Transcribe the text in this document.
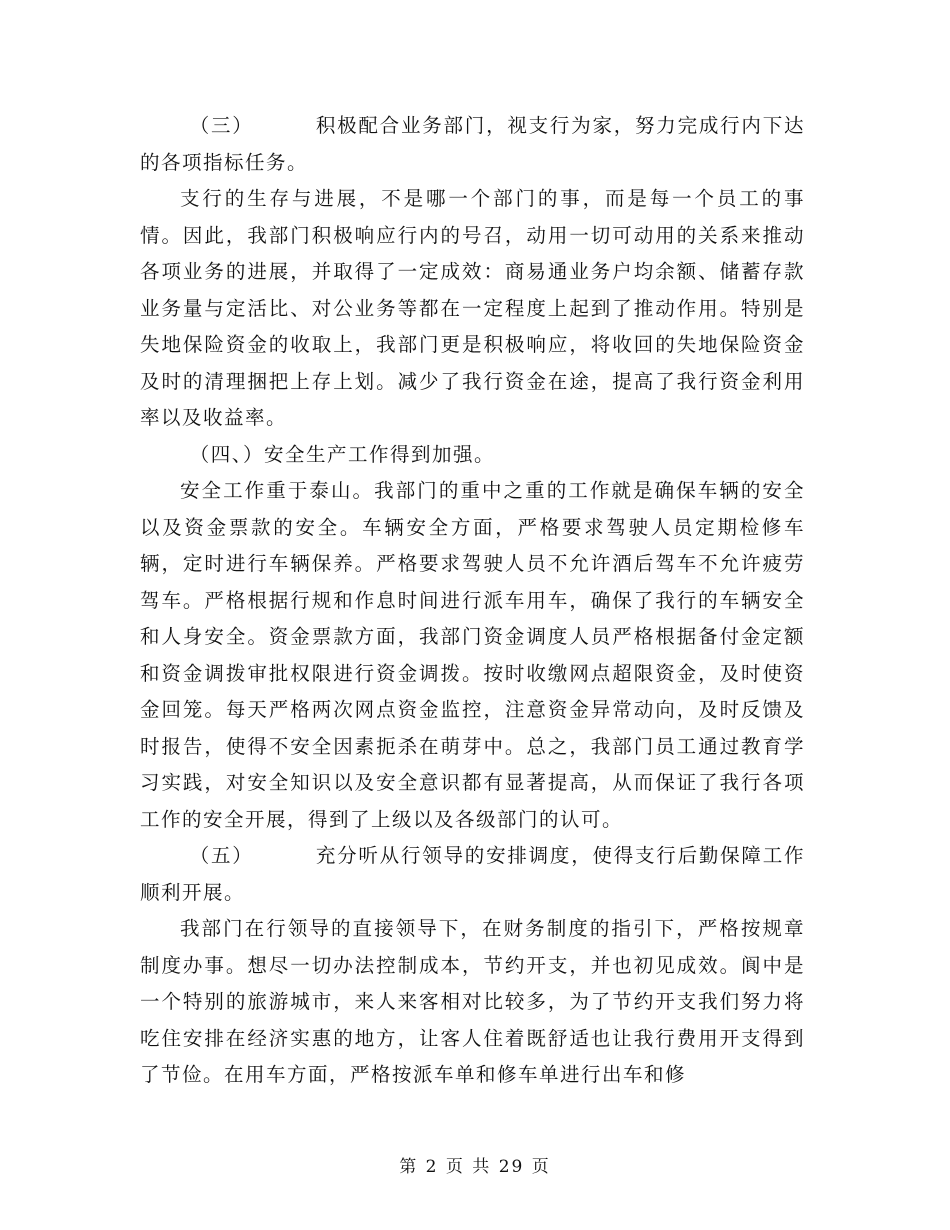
（三）	积极配合业务部门，视支行为家，努力完成行内下达的各项指标任务。

支行的生存与进展，不是哪一个部门的事，而是每一个员工的事情。因此，我部门积极响应行内的号召，动用一切可动用的关系来推动各项业务的进展，并取得了一定成效：商易通业务户均余额、储蓄存款业务量与定活比、对公业务等都在一定程度上起到了推动作用。特别是失地保险资金的收取上，我部门更是积极响应，将收回的失地保险资金及时的清理捆把上存上划。减少了我行资金在途，提高了我行资金利用率以及收益率。

（四、）安全生产工作得到加强。

安全工作重于泰山。我部门的重中之重的工作就是确保车辆的安全以及资金票款的安全。车辆安全方面，严格要求驾驶人员定期检修车辆，定时进行车辆保养。严格要求驾驶人员不允许酒后驾车不允许疲劳驾车。严格根据行规和作息时间进行派车用车，确保了我行的车辆安全和人身安全。资金票款方面，我部门资金调度人员严格根据备付金定额和资金调拨审批权限进行资金调拨。按时收缴网点超限资金，及时使资金回笼。每天严格两次网点资金监控，注意资金异常动向，及时反馈及时报告，使得不安全因素扼杀在萌芽中。总之，我部门员工通过教育学习实践，对安全知识以及安全意识都有显著提高，从而保证了我行各项工作的安全开展，得到了上级以及各级部门的认可。

（五）	充分听从行领导的安排调度，使得支行后勤保障工作顺利开展。

我部门在行领导的直接领导下，在财务制度的指引下，严格按规章制度办事。想尽一切办法控制成本，节约开支，并也初见成效。阆中是一个特别的旅游城市，来人来客相对比较多，为了节约开支我们努力将吃住安排在经济实惠的地方，让客人住着既舒适也让我行费用开支得到了节俭。在用车方面，严格按派车单和修车单进行出车和修

第 2 页 共 29 页
